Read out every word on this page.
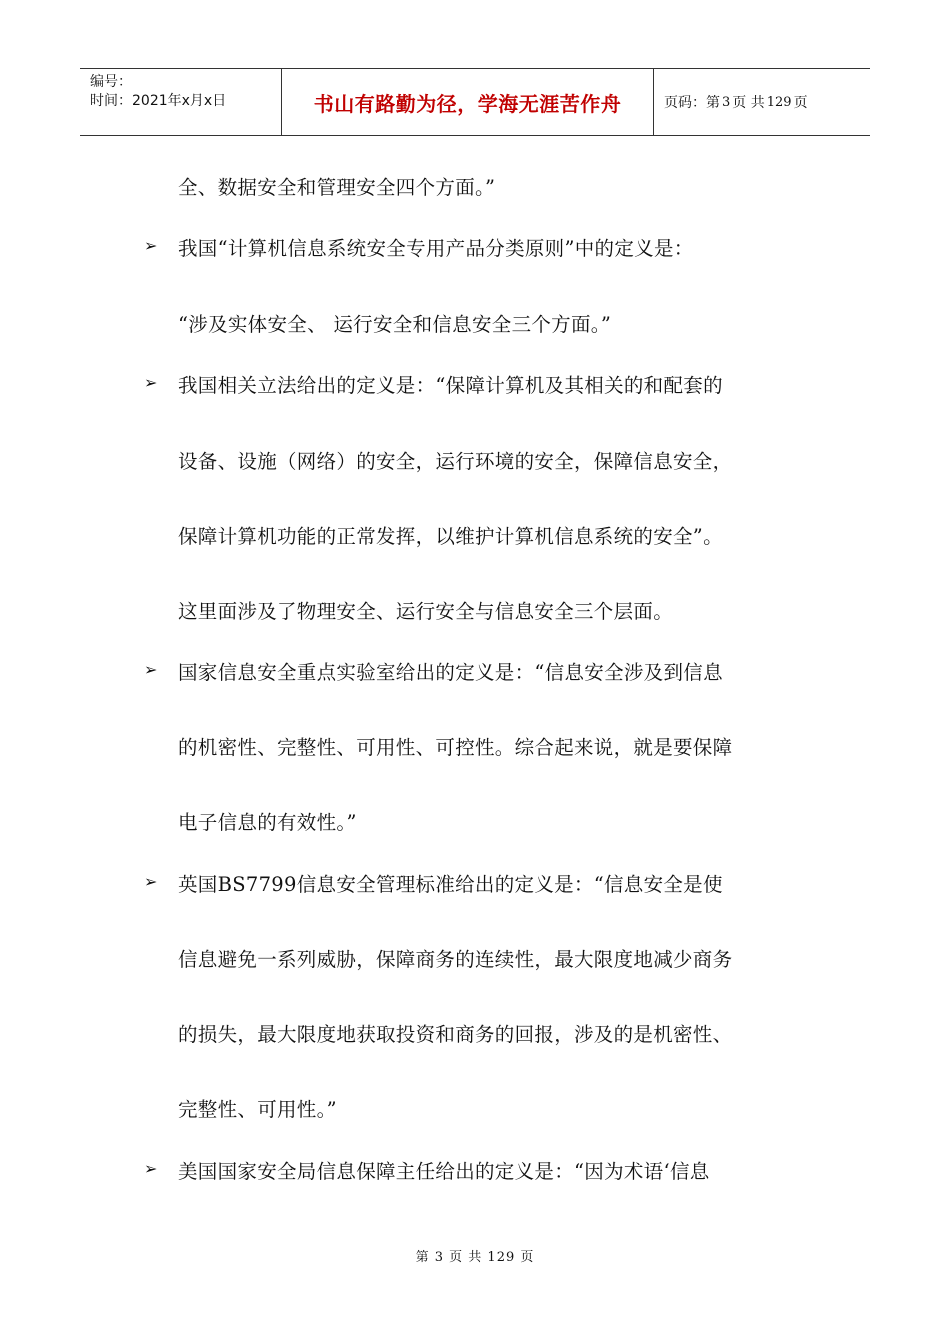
编号：
时间：2021年x月x日	书山有路勤为径，学海无涯苦作舟	页码：第 3 页 共 129 页
全、数据安全和管理安全四个方面。”
➢ 我国“计算机信息系统安全专用产品分类原则”中的定义是：
“涉及实体安全、 运行安全和信息安全三个方面。”
➢ 我国相关立法给出的定义是：“保障计算机及其相关的和配套的
设备、设施（网络）的安全，运行环境的安全，保障信息安全，
保障计算机功能的正常发挥，以维护计算机信息系统的安全”。
这里面涉及了物理安全、运行安全与信息安全三个层面。
➢ 国家信息安全重点实验室给出的定义是：“信息安全涉及到信息
的机密性、完整性、可用性、可控性。综合起来说，就是要保障
电子信息的有效性。”
➢ 英国BS7799信息安全管理标准给出的定义是：“信息安全是使
信息避免一系列威胁，保障商务的连续性，最大限度地减少商务
的损失，最大限度地获取投资和商务的回报，涉及的是机密性、
完整性、可用性。”
➢ 美国国家安全局信息保障主任给出的定义是：“因为术语‘信息
第 3 页 共 129 页
